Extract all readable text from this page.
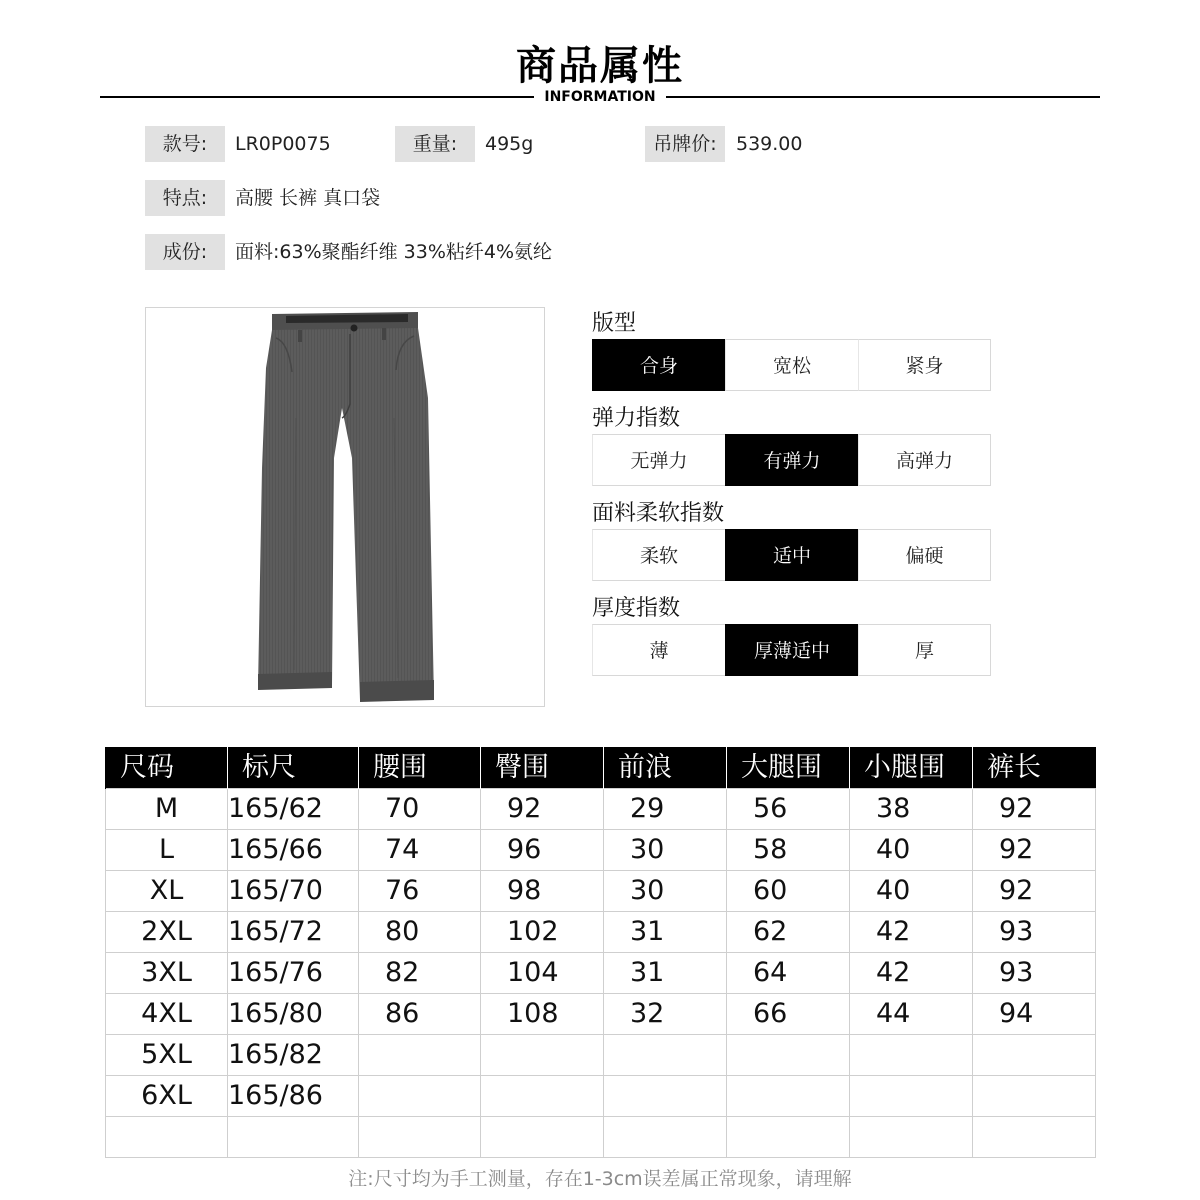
商品属性
INFORMATION
款号:	LR0P0075	重量:	495g	吊牌价:	539.00
特点:	高腰 长裤 真口袋
成份:	面料:63%聚酯纤维 33%粘纤4%氨纶
版型
合身	宽松	紧身
弹力指数
无弹力	有弹力	高弹力
面料柔软指数
柔软	适中	偏硬
厚度指数
薄	厚薄适中	厚
尺码	标尺	腰围	臀围	前浪	大腿围	小腿围	裤长
M	165/62	70	92	29	56	38	92
L	165/66	74	96	30	58	40	92
XL	165/70	76	98	30	60	40	92
2XL	165/72	80	102	31	62	42	93
3XL	165/76	82	104	31	64	42	93
4XL	165/80	86	108	32	66	44	94
5XL	165/82						
6XL	165/86						

注:尺寸均为手工测量，存在1-3cm误差属正常现象，请理解
